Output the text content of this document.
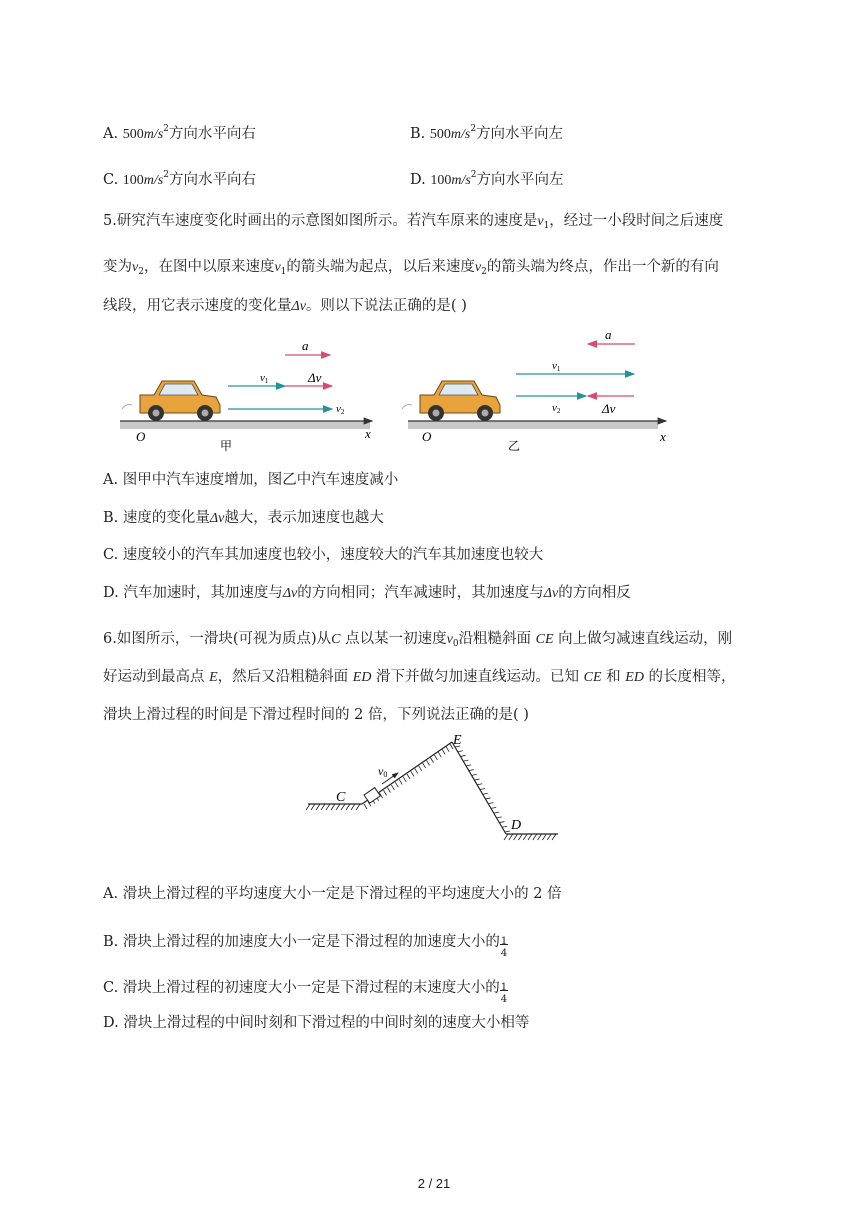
A. $500m/s^2$方向水平向右	B. $500m/s^2$方向水平向左
C. $100m/s^2$方向水平向右	D. $100m/s^2$方向水平向左
5.研究汽车速度变化时画出的示意图如图所示。若汽车原来的速度是$v_1$，经过一小段时间之后速度
变为$v_2$，在图中以原来速度$v_1$的箭头端为起点，以后来速度$v_2$的箭头端为终点，作出一个新的有向
线段，用它表示速度的变化量Δv。则以下说法正确的是( )
a
v1	Δv
v2
O	x
甲
a
v1
v2	Δv
O	x
乙
A. 图甲中汽车速度增加，图乙中汽车速度减小
B. 速度的变化量Δv越大，表示加速度也越大
C. 速度较小的汽车其加速度也较小，速度较大的汽车其加速度也较大
D. 汽车加速时，其加速度与Δv的方向相同；汽车减速时，其加速度与Δv的方向相反
6.如图所示，一滑块(可视为质点)从C 点以某一初速度$v_0$沿粗糙斜面 CE 向上做匀减速直线运动，刚
好运动到最高点 E，然后又沿粗糙斜面 ED 滑下并做匀加速直线运动。已知 CE 和 ED 的长度相等，
滑块上滑过程的时间是下滑过程时间的 2 倍，下列说法正确的是( )
v0
C
E
D
A. 滑块上滑过程的平均速度大小一定是下滑过程的平均速度大小的 2 倍
B. 滑块上滑过程的加速度大小一定是下滑过程的加速度大小的 1
4
C. 滑块上滑过程的初速度大小一定是下滑过程的末速度大小的 1
4
D. 滑块上滑过程的中间时刻和下滑过程的中间时刻的速度大小相等
2 / 21
